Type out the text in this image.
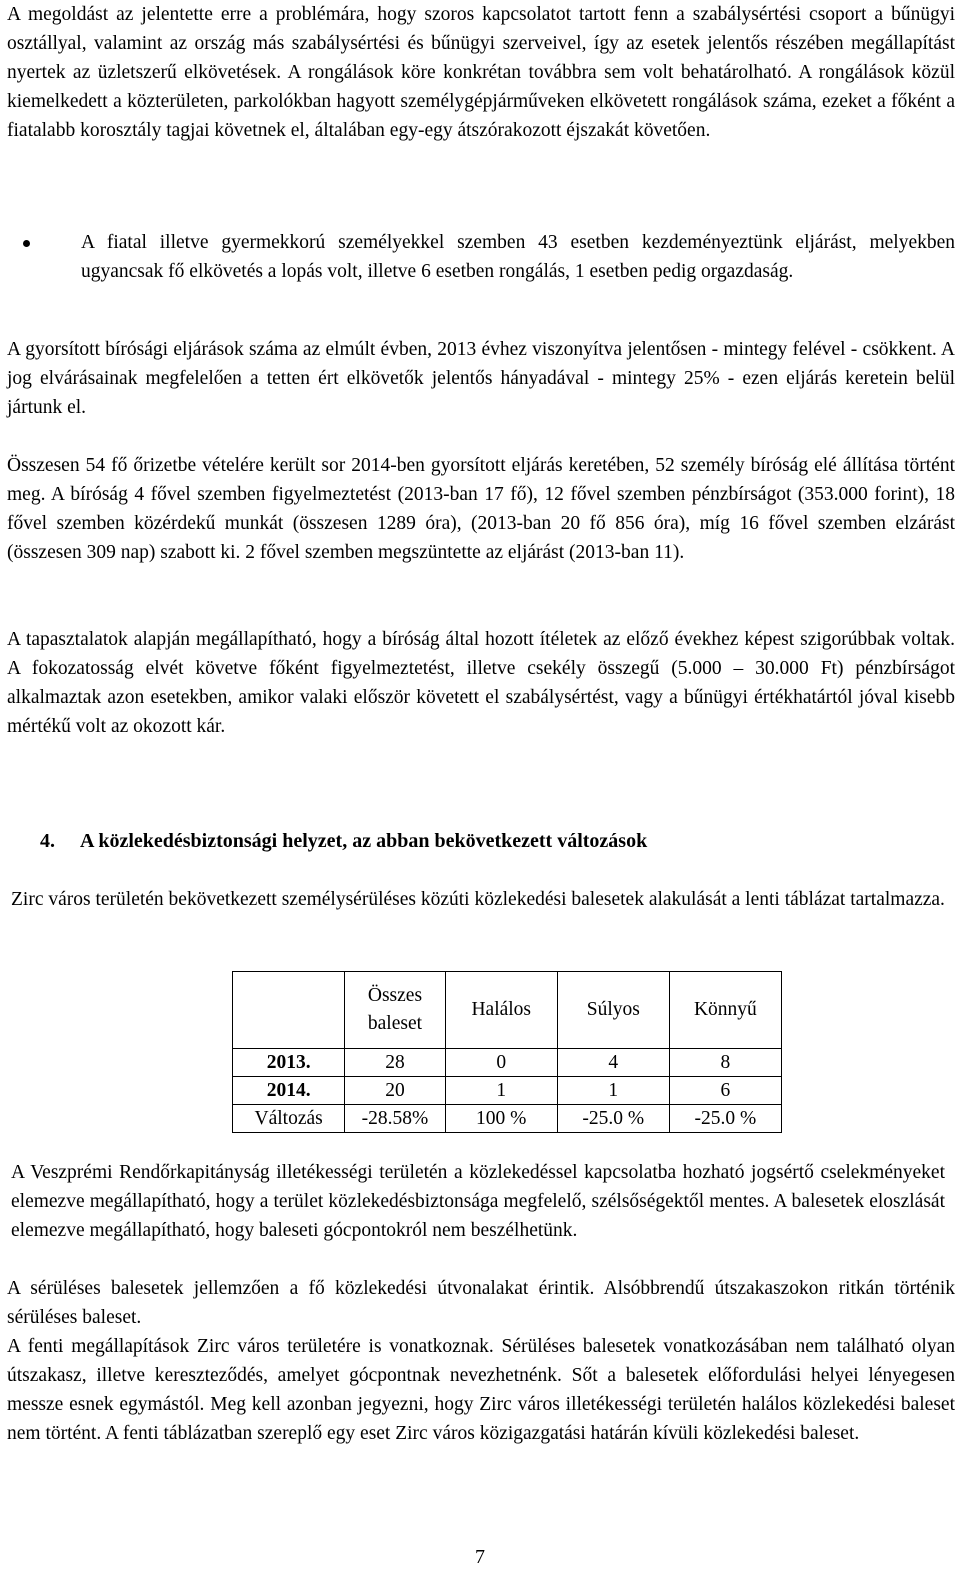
A megoldást az jelentette erre a problémára, hogy szoros kapcsolatot tartott fenn a szabálysértési csoport a bűnügyi osztállyal, valamint az ország más szabálysértési és bűnügyi szerveivel, így az esetek jelentős részében megállapítást nyertek az üzletszerű elkövetések. A rongálások köre konkrétan továbbra sem volt behatárolható. A rongálások közül kiemelkedett a közterületen, parkolókban hagyott személygépjárműveken elkövetett rongálások száma, ezeket a főként a fiatalabb korosztály tagjai követnek el, általában egy-egy átszórakozott éjszakát követően.

A fiatal illetve gyermekkorú személyekkel szemben 43 esetben kezdeményeztünk eljárást, melyekben ugyancsak fő elkövetés a lopás volt, illetve 6 esetben rongálás, 1 esetben pedig orgazdaság.

A gyorsított bírósági eljárások száma az elmúlt évben, 2013 évhez viszonyítva jelentősen - mintegy felével - csökkent. A jog elvárásainak megfelelően a tetten ért elkövetők jelentős hányadával - mintegy 25% - ezen eljárás keretein belül jártunk el.

Összesen 54 fő őrizetbe vételére került sor 2014-ben gyorsított eljárás keretében, 52 személy bíróság elé állítása történt meg. A bíróság 4 fővel szemben figyelmeztetést (2013-ban 17 fő), 12 fővel szemben pénzbírságot (353.000 forint), 18 fővel szemben közérdekű munkát (összesen 1289 óra), (2013-ban 20 fő 856 óra), míg 16 fővel szemben elzárást (összesen 309 nap) szabott ki. 2 fővel szemben megszüntette az eljárást (2013-ban 11).

A tapasztalatok alapján megállapítható, hogy a bíróság által hozott ítéletek az előző évekhez képest szigorúbbak voltak. A fokozatosság elvét követve főként figyelmeztetést, illetve csekély összegű (5.000 – 30.000 Ft) pénzbírságot alkalmaztak azon esetekben, amikor valaki először követett el szabálysértést, vagy a bűnügyi értékhatártól jóval kisebb mértékű volt az okozott kár.

4. A közlekedésbiztonsági helyzet, az abban bekövetkezett változások

Zirc város területén bekövetkezett személysérüléses közúti közlekedési balesetek alakulását a lenti táblázat tartalmazza.

	Összes baleset	Halálos	Súlyos	Könnyű
2013.	28	0	4	8
2014.	20	1	1	6
Változás	-28.58%	100 %	-25.0 %	-25.0 %

A Veszprémi Rendőrkapitányság illetékességi területén a közlekedéssel kapcsolatba hozható jogsértő cselekményeket elemezve megállapítható, hogy a terület közlekedésbiztonsága megfelelő, szélsőségektől mentes. A balesetek eloszlását elemezve megállapítható, hogy baleseti gócpontokról nem beszélhetünk.

A sérüléses balesetek jellemzően a fő közlekedési útvonalakat érintik. Alsóbbrendű útszakaszokon ritkán történik sérüléses baleset.

A fenti megállapítások Zirc város területére is vonatkoznak. Sérüléses balesetek vonatkozásában nem található olyan útszakasz, illetve kereszteződés, amelyet gócpontnak nevezhetnénk. Sőt a balesetek előfordulási helyei lényegesen messze esnek egymástól. Meg kell azonban jegyezni, hogy Zirc város illetékességi területén halálos közlekedési baleset nem történt. A fenti táblázatban szereplő egy eset Zirc város közigazgatási határán kívüli közlekedési baleset.

7
